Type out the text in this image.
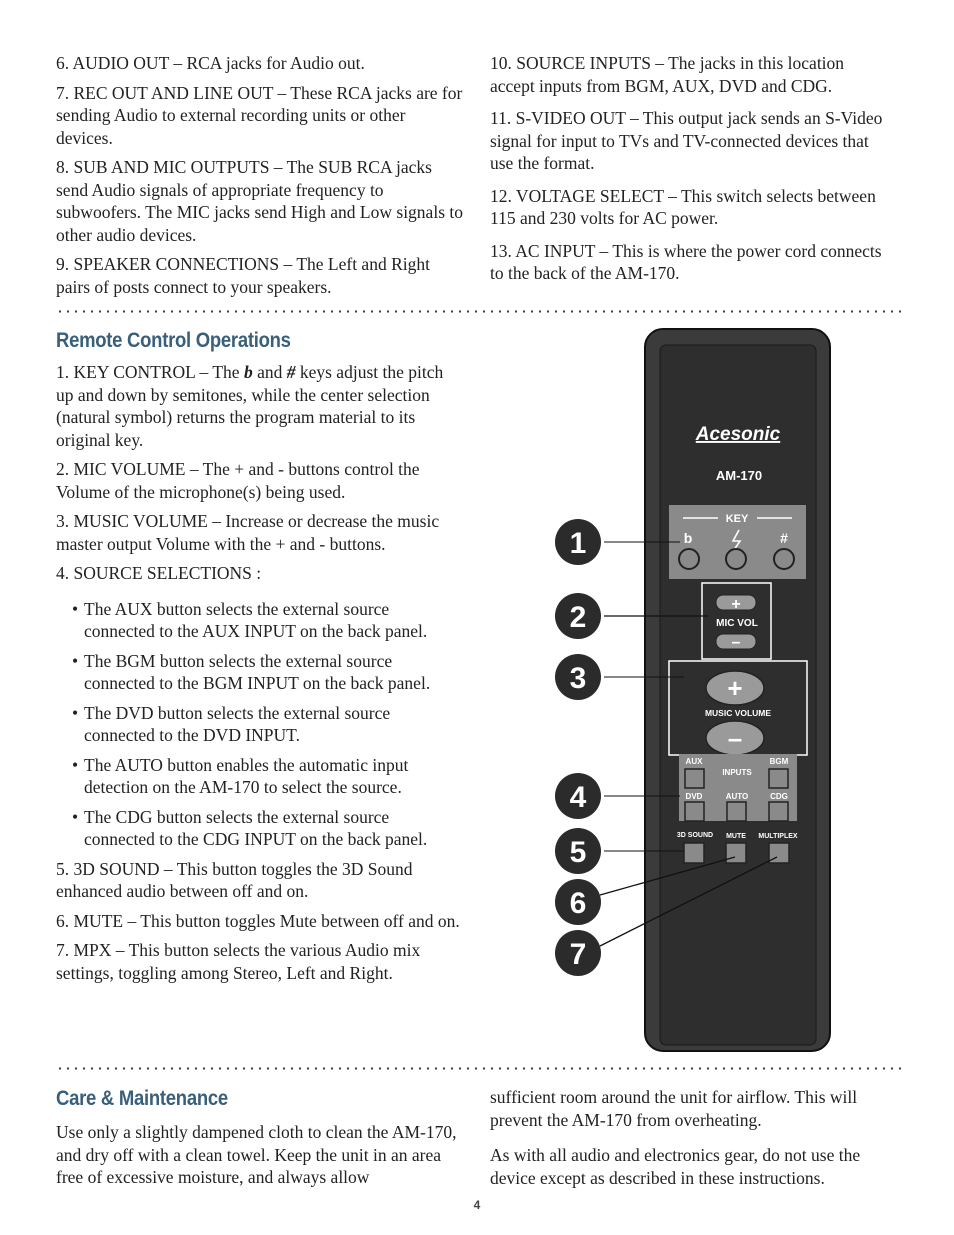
6. AUDIO OUT – RCA jacks for Audio out.

7. REC OUT AND LINE OUT – These RCA jacks are for sending Audio to external recording units or other devices.

8. SUB AND MIC OUTPUTS – The SUB RCA jacks send Audio signals of appropriate frequency to subwoofers. The MIC jacks send High and Low signals to other audio devices.

9. SPEAKER CONNECTIONS – The Left and Right pairs of posts connect to your speakers.

10. SOURCE INPUTS – The jacks in this location accept inputs from BGM, AUX, DVD and CDG.

11. S-VIDEO OUT – This output jack sends an S-Video signal for input to TVs and TV-connected devices that use the format.

12. VOLTAGE SELECT – This switch selects between 115 and 230 volts for AC power.

13. AC INPUT – This is where the power cord connects to the back of the AM-170.

Remote Control Operations

1. KEY CONTROL – The b and # keys adjust the pitch up and down by semitones, while the center selection (natural symbol) returns the program material to its original key.

2. MIC VOLUME – The + and - buttons control the Volume of the microphone(s) being used.

3. MUSIC VOLUME – Increase or decrease the music master output Volume with the + and - buttons.

4. SOURCE SELECTIONS :

• The AUX button selects the external source connected to the AUX INPUT on the back panel.
• The BGM button selects the external source connected to the BGM INPUT on the back panel.
• The DVD button selects the external source connected to the DVD INPUT.
• The AUTO button enables the automatic input detection on the AM-170 to select the source.
• The CDG button selects the external source connected to the CDG INPUT on the back panel.

5. 3D SOUND – This button toggles the 3D Sound enhanced audio between off and on.

6. MUTE – This button toggles Mute between off and on.

7. MPX – This button selects the various Audio mix settings, toggling among Stereo, Left and Right.

Acesonic
AM-170
KEY
b	#
+
MIC VOL
–
+
MUSIC VOLUME
–
AUX
INPUTS
BGM
DVD	AUTO	CDG
3D SOUND MUTE MULTIPLEX
1
2
3
4
5
6
7
Care & Maintenance

Use only a slightly dampened cloth to clean the AM-170, and dry off with a clean towel. Keep the unit in an area free of excessive moisture, and always allow

sufficient room around the unit for airflow. This will prevent the AM-170 from overheating.

As with all audio and electronics gear, do not use the device except as described in these instructions.

4
